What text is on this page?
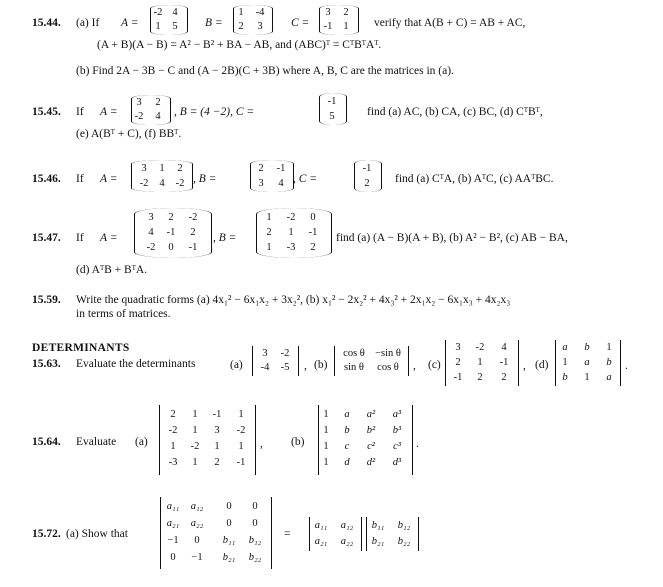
15.44. (a) If A =
-2 4
1	5	B =
1	-4
2	3	C =
3	2
-1	1	verify that A(B + C) = AB + AC,
(A + B)(A − B) = A² − B² + BA − AB, and (ABC)ᵀ = CᵀBᵀAᵀ.
(b) Find 2A − 3B − C and (A − 2B)(C + 3B) where A, B, C are the matrices in (a).
15.45. If A =
3	2
-2	4	, B = (4 −2), C =
-1
5	find (a) AC, (b) CA, (c) BC, (d) CᵀBᵀ,
(e) A(Bᵀ + C), (f) BBᵀ.
15.46. If A =
3	1	2
-2	4	-2 , B =
2	-1
3	4 , C =
-1
2	find (a) CᵀA, (b) AᵀC, (c) AAᵀBC.
15.47. If A =
3	2	-2
4	-1	2
-2	0	-1
, B =
1	-2	0
2	1	-1
1	-3	2
find (a) (A − B)(A + B), (b) A² − B², (c) AB − BA,
(d) AᵀB + BᵀA.
15.59. Write the quadratic forms (a) 4x₁² − 6x₁x₂ + 3x₂², (b) x₁² − 2x₂² + 4x₃² + 2x₁x₂ − 6x₁x₃ + 4x₂x₃
in terms of matrices.
DETERMINANTS
15.63. Evaluate the determinants	(a)
3	-2
-4	-5	, (b)
cos θ −sin θ
sin θ	cos θ	, (c)
3	-2	4
2	1	-1
-1	2	2
, (d)
a	b	1
1	a	b
b	1	a
.
15.64. Evaluate (a)
2	1	-1	1
-2	1	3	-2
1	-2	1	1
-3	1	2	-1
, (b)
1	a	a²	a³
1	b	b²	b³
1	c	c²	c³
1	d	d²	d³
.
15.72. (a) Show that
a₁₁	a₁₂	0	0
a₂₁	a₂₂	0	0
−1	0	b₁₁	b₁₂
0	−1	b₂₁	b₂₂
=
a₁₁	a₁₂
a₂₁	a₂₂
b₁₁	b₁₂
b₂₁	b₂₂
